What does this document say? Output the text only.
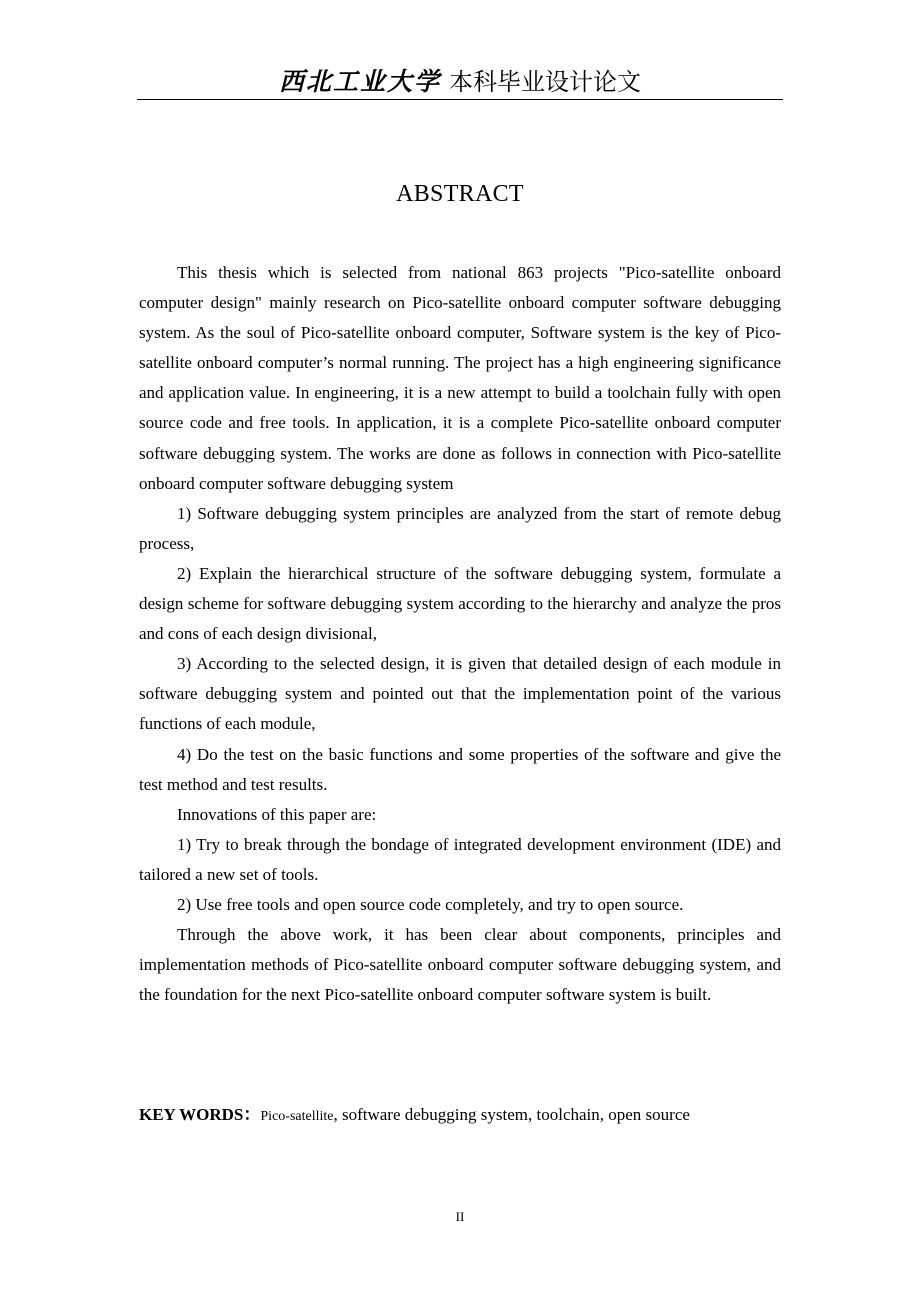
西北工业大学 本科毕业设计论文
ABSTRACT

This thesis which is selected from national 863 projects "Pico-satellite onboard computer design" mainly research on Pico-satellite onboard computer software debugging system. As the soul of Pico-satellite onboard computer, Software system is the key of Pico-satellite onboard computer’s normal running. The project has a high engineering significance and application value. In engineering, it is a new attempt to build a toolchain fully with open source code and free tools. In application, it is a complete Pico-satellite onboard computer software debugging system. The works are done as follows in connection with Pico-satellite onboard computer software debugging system

1) Software debugging system principles are analyzed from the start of remote debug process,

2) Explain the hierarchical structure of the software debugging system, formulate a design scheme for software debugging system according to the hierarchy and analyze the pros and cons of each design divisional,

3) According to the selected design, it is given that detailed design of each module in software debugging system and pointed out that the implementation point of the various functions of each module,

4) Do the test on the basic functions and some properties of the software and give the test method and test results.

Innovations of this paper are:

1) Try to break through the bondage of integrated development environment (IDE) and tailored a new set of tools.

2) Use free tools and open source code completely, and try to open source.

Through the above work, it has been clear about components, principles and implementation methods of Pico-satellite onboard computer software debugging system, and the foundation for the next Pico-satellite onboard computer software system is built.

KEY WORDS：Pico-satellite, software debugging system, toolchain, open source
II
